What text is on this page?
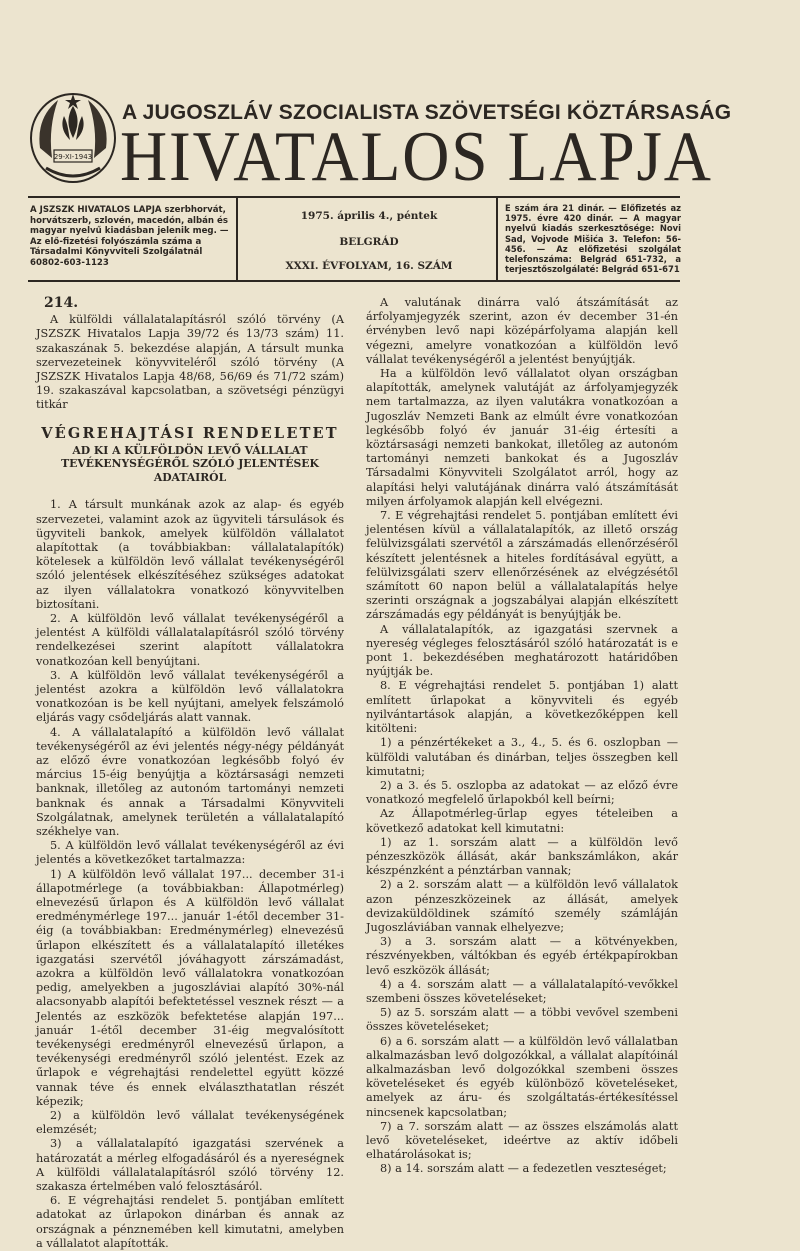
29-XI-1943
A JUGOSZLÁV SZOCIALISTA SZÖVETSÉGI KÖZTÁRSASÁG
HIVATALOS LAPJA
A JSZSZK HIVATALOS LAPJA szerbhorvát, horvátszerb, szlovén, macedón, albán és magyar nyelvű kiadásban jelenik meg. — Az elő-fizetési folyószámla száma a Társadalmi Könyvviteli Szolgálatnál 60802-603-1123
1975. április 4., péntek
BELGRÁD
XXXI. ÉVFOLYAM, 16. SZÁM
E szám ára 21 dinár. — Előfizetés az 1975. évre 420 dinár. — A magyar nyelvű kiadás szerkesztősége: Novi Sad, Vojvode Mišića 3. Telefon: 56-456. — Az előfizetési szolgálat telefonszáma: Belgrád 651-732, a terjesztőszolgálaté: Belgrád 651-671
214.

A külföldi vállalatalapításról szóló törvény (A JSZSZK Hivatalos Lapja 39/72 és 13/73 szám) 11. szakaszának 5. bekezdése alapján, A társult munka szervezeteinek könyvviteléről szóló törvény (A JSZSZK Hivatalos Lapja 48/68, 56/69 és 71/72 szám) 19. szakaszával kapcsolatban, a szövetségi pénzügyi titkár

VÉGREHAJTÁSI RENDELETET
AD KI A KÜLFÖLDÖN LEVŐ VÁLLALAT TEVÉKENYSÉGÉRŐL SZÓLÓ JELENTÉSEK ADATAIRÓL

1. A társult munkának azok az alap- és egyéb szervezetei, valamint azok az ügyviteli társulások és ügyviteli bankok, amelyek külföldön vállalatot alapítottak (a továbbiakban: vállalatalapítók) kötelesek a külföldön levő vállalat tevékenységéről szóló jelentések elkészítéséhez szükséges adatokat az ilyen vállalatokra vonatkozó könyvvitelben biztosítani.

2. A külföldön levő vállalat tevékenységéről a jelentést A külföldi vállalatalapításról szóló törvény rendelkezései szerint alapított vállalatokra vonatkozóan kell benyújtani.

3. A külföldön levő vállalat tevékenységéről a jelentést azokra a külföldön levő vállalatokra vonatkozóan is be kell nyújtani, amelyek felszámoló eljárás vagy csődeljárás alatt vannak.

4. A vállalatalapító a külföldön levő vállalat tevékenységéről az évi jelentés négy-négy példányát az előző évre vonatkozóan legkésőbb folyó év március 15-éig benyújtja a köztársasági nemzeti banknak, illetőleg az autonóm tartományi nemzeti banknak és annak a Társadalmi Könyvviteli Szolgálatnak, amelynek területén a vállalatalapító székhelye van.

5. A külföldön levő vállalat tevékenységéről az évi jelentés a következőket tartalmazza:

1) A külföldön levő vállalat 197... december 31-i állapotmérlege (a továbbiakban: Állapotmérleg) elnevezésű űrlapon és A külföldön levő vállalat eredménymérlege 197... január 1-étől december 31-éig (a továbbiakban: Eredménymérleg) elnevezésű űrlapon elkészített és a vállalatalapító illetékes igazgatási szervétől jóváhagyott zárszámadást, azokra a külföldön levő vállalatokra vonatkozóan pedig, amelyekben a jugoszláviai alapító 30%-nál alacsonyabb alapítói befektetéssel vesznek részt — a Jelentés az eszközök befektetése alapján 197... január 1-étől december 31-éig megvalósított tevékenységi eredményről elnevezésű űrlapon, a tevékenységi eredményről szóló jelentést. Ezek az űrlapok e végrehajtási rendelettel együtt közzé vannak téve és ennek elválaszthatatlan részét képezik;

2) a külföldön levő vállalat tevékenységének elemzését;

3) a vállalatalapító igazgatási szervének a határozatát a mérleg elfogadásáról és a nyereségnek A külföldi vállalatalapításról szóló törvény 12. szakasza értelmében való felosztásáról.

6. E végrehajtási rendelet 5. pontjában említett adatokat az űrlapokon dinárban és annak az országnak a pénznemében kell kimutatni, amelyben a vállalatot alapították.

A valutának dinárra való átszámítását az árfolyamjegyzék szerint, azon év december 31-én érvényben levő napi középárfolyama alapján kell végezni, amelyre vonatkozóan a külföldön levő vállalat tevékenységéről a jelentést benyújtják.

Ha a külföldön levő vállalatot olyan országban alapították, amelynek valutáját az árfolyamjegyzék nem tartalmazza, az ilyen valutákra vonatkozóan a Jugoszláv Nemzeti Bank az elmúlt évre vonatkozóan legkésőbb folyó év január 31-éig értesíti a köztársasági nemzeti bankokat, illetőleg az autonóm tartományi nemzeti bankokat és a Jugoszláv Társadalmi Könyvviteli Szolgálatot arról, hogy az alapítási helyi valutájának dinárra való átszámítását milyen árfolyamok alapján kell elvégezni.

7. E végrehajtási rendelet 5. pontjában említett évi jelentésen kívül a vállalatalapítók, az illető ország felülvizsgálati szervétől a zárszámadás ellenőrzéséről készített jelentésnek a hiteles fordításával együtt, a felülvizsgálati szerv ellenőrzésének az elvégzésétől számított 60 napon belül a vállalatalapítás helye szerinti országnak a jogszabályai alapján elkészített zárszámadás egy példányát is benyújtják be.

A vállalatalapítók, az igazgatási szervnek a nyereség végleges felosztásáról szóló határozatát is e pont 1. bekezdésében meghatározott határidőben nyújtják be.

8. E végrehajtási rendelet 5. pontjában 1) alatt említett űrlapokat a könyvviteli és egyéb nyilvántartások alapján, a következőképpen kell kitölteni:

1) a pénzértékeket a 3., 4., 5. és 6. oszlopban — külföldi valutában és dinárban, teljes összegben kell kimutatni;

2) a 3. és 5. oszlopba az adatokat — az előző évre vonatkozó megfelelő űrlapokból kell beírni;

Az Állapotmérleg-űrlap egyes tételeiben a következő adatokat kell kimutatni:

1) az 1. sorszám alatt — a külföldön levő pénzeszközök állását, akár bankszámlákon, akár készpénzként a pénztárban vannak;

2) a 2. sorszám alatt — a külföldön levő vállalatok azon pénzeszközeinek az állását, amelyek devizaküldöldinek számító személy számláján Jugoszláviában vannak elhelyezve;

3) a 3. sorszám alatt — a kötvényekben, részvényekben, váltókban és egyéb értékpapírokban levő eszközök állását;

4) a 4. sorszám alatt — a vállalatalapító-vevőkkel szembeni összes követeléseket;

5) az 5. sorszám alatt — a többi vevővel szembeni összes követeléseket;

6) a 6. sorszám alatt — a külföldön levő vállalatban alkalmazásban levő dolgozókkal, a vállalat alapítóinál alkalmazásban levő dolgozókkal szembeni összes követeléseket és egyéb különböző követeléseket, amelyek az áru- és szolgáltatás-értékesítéssel nincsenek kapcsolatban;

7) a 7. sorszám alatt — az összes elszámolás alatt levő követeléseket, ideértve az aktív időbeli elhatárolásokat is;

8) a 14. sorszám alatt — a fedezetlen veszteséget;
